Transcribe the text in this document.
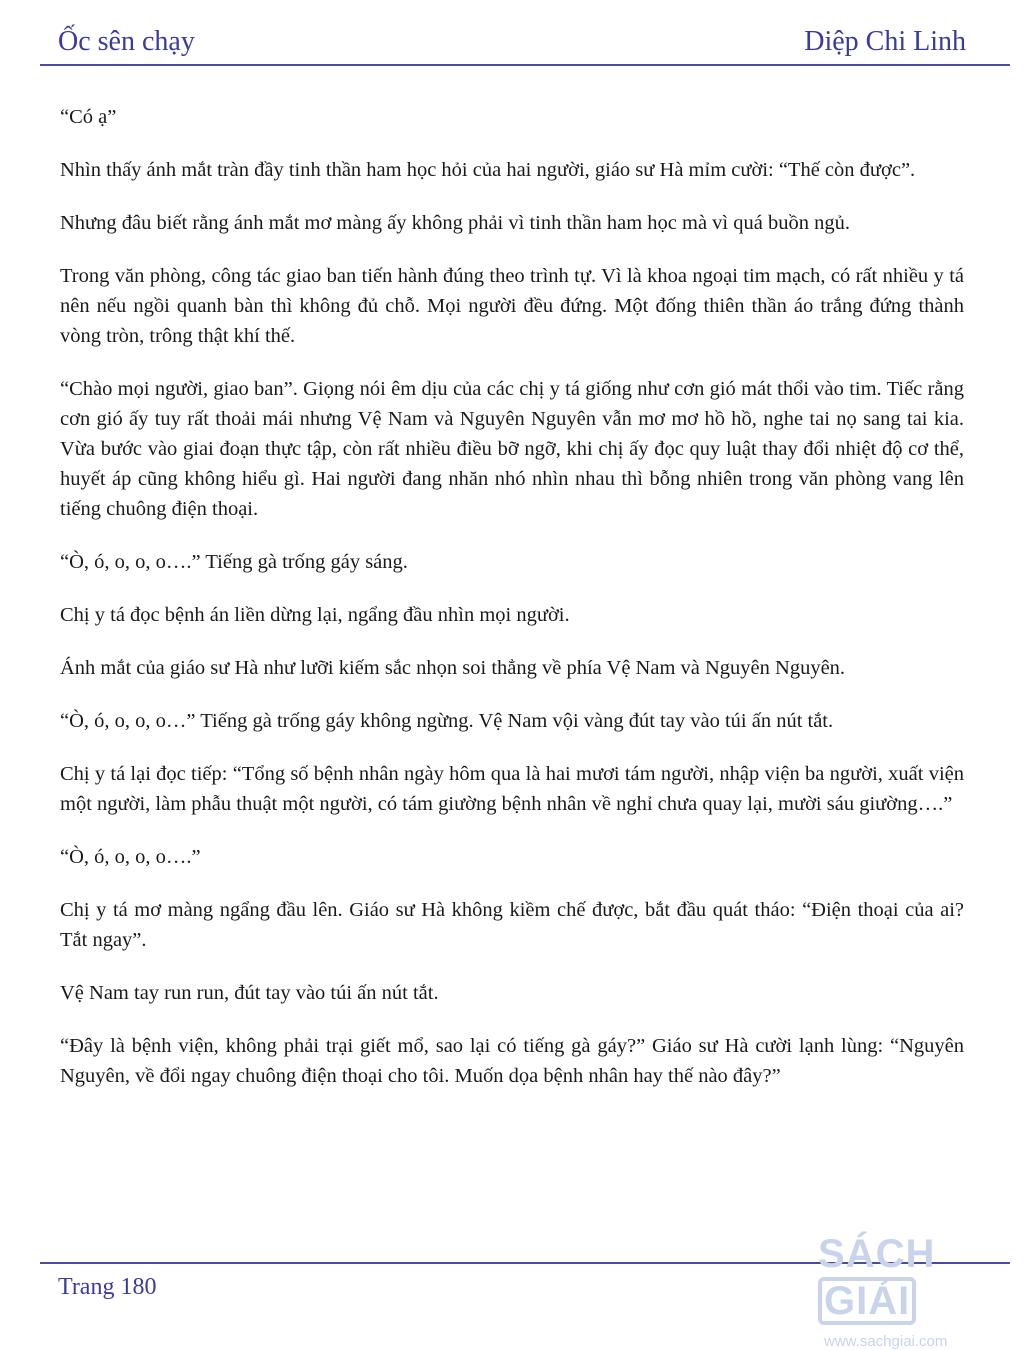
Ốc sên chạy	Diệp Chi Linh

“Có ạ”

Nhìn thấy ánh mắt tràn đầy tinh thần ham học hỏi của hai người, giáo sư Hà mỉm cười: “Thế còn được”.

Nhưng đâu biết rằng ánh mắt mơ màng ấy không phải vì tinh thần ham học mà vì quá buồn ngủ.

Trong văn phòng, công tác giao ban tiến hành đúng theo trình tự. Vì là khoa ngoại tim mạch, có rất nhiều y tá nên nếu ngồi quanh bàn thì không đủ chỗ. Mọi người đều đứng. Một đống thiên thần áo trắng đứng thành vòng tròn, trông thật khí thế.

“Chào mọi người, giao ban”. Giọng nói êm dịu của các chị y tá giống như cơn gió mát thổi vào tim. Tiếc rằng cơn gió ấy tuy rất thoải mái nhưng Vệ Nam và Nguyên Nguyên vẫn mơ mơ hồ hồ, nghe tai nọ sang tai kia. Vừa bước vào giai đoạn thực tập, còn rất nhiều điều bỡ ngỡ, khi chị ấy đọc quy luật thay đổi nhiệt độ cơ thể, huyết áp cũng không hiểu gì. Hai người đang nhăn nhó nhìn nhau thì bỗng nhiên trong văn phòng vang lên tiếng chuông điện thoại.

“Ò, ó, o, o, o….” Tiếng gà trống gáy sáng.

Chị y tá đọc bệnh án liền dừng lại, ngẩng đầu nhìn mọi người.

Ánh mắt của giáo sư Hà như lưỡi kiếm sắc nhọn soi thẳng về phía Vệ Nam và Nguyên Nguyên.

“Ò, ó, o, o, o…” Tiếng gà trống gáy không ngừng. Vệ Nam vội vàng đút tay vào túi ấn nút tắt.

Chị y tá lại đọc tiếp: “Tổng số bệnh nhân ngày hôm qua là hai mươi tám người, nhập viện ba người, xuất viện một người, làm phẫu thuật một người, có tám giường bệnh nhân về nghỉ chưa quay lại, mười sáu giường….”

“Ò, ó, o, o, o….”

Chị y tá mơ màng ngẩng đầu lên. Giáo sư Hà không kiềm chế được, bắt đầu quát tháo: “Điện thoại của ai? Tắt ngay”.

Vệ Nam tay run run, đút tay vào túi ấn nút tắt.

“Đây là bệnh viện, không phải trại giết mổ, sao lại có tiếng gà gáy?” Giáo sư Hà cười lạnh lùng: “Nguyên Nguyên, về đổi ngay chuông điện thoại cho tôi. Muốn dọa bệnh nhân hay thế nào đây?”

Trang 180
SÁCHGIẢI
www.sachgiai.com
